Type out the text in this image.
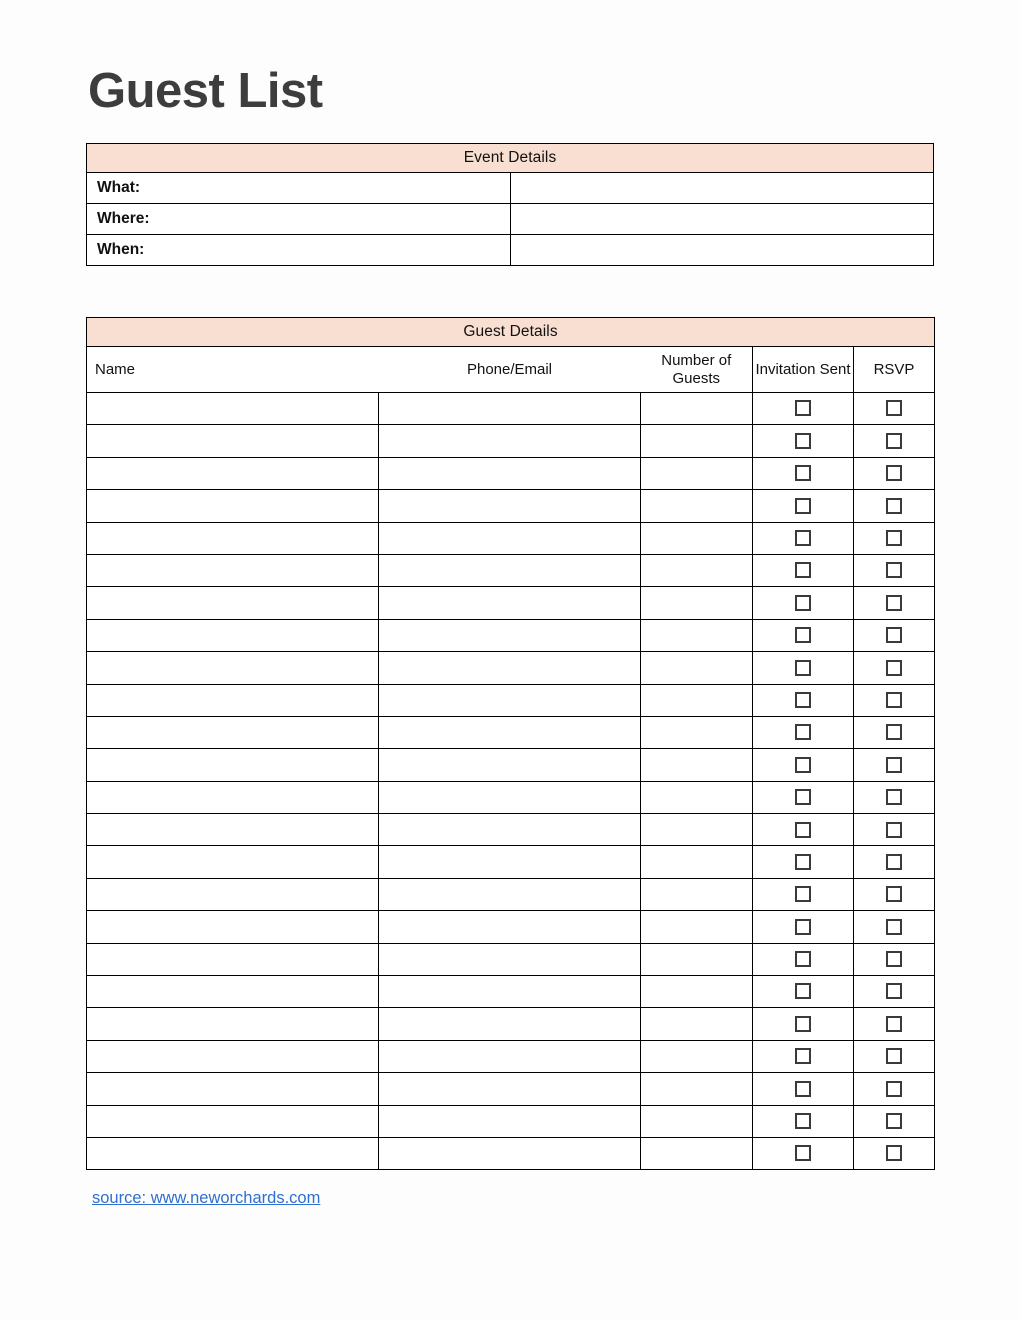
Guest List
Event Details	
What:	
Where:	
When:	
Guest Details				
Name	Phone/Email	Number of Guests	Invitation Sent	RSVP

source: www.neworchards.com
